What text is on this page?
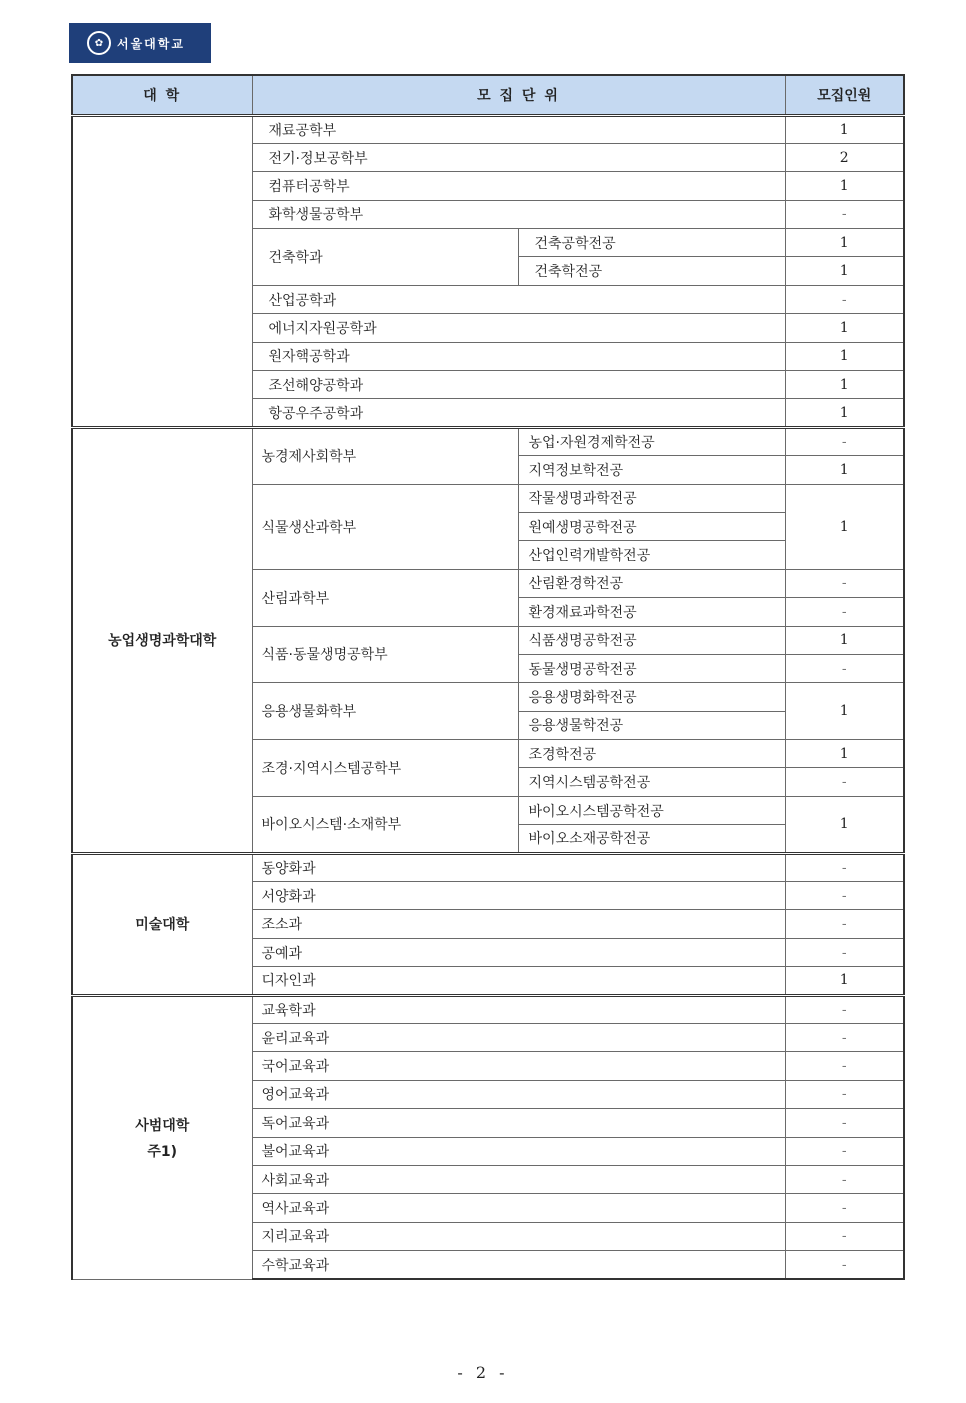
✿	서울대학교
대 학	모 집 단 위		모집인원
	재료공학부		1
	전기·정보공학부		2
	컴퓨터공학부		1
	화학생물공학부		-
	건축학과	건축공학전공	1
		건축학전공	1
	산업공학과		-
	에너지자원공학과		1
	원자핵공학과		1
	조선해양공학과		1
	항공우주공학과		1
농업생명과학대학	농경제사회학부	농업·자원경제학전공	-
		지역정보학전공	1
	식물생산과학부	작물생명과학전공	1
		원예생명공학전공	
		산업인력개발학전공	
	산림과학부	산림환경학전공	-
		환경재료과학전공	-
	식품·동물생명공학부	식품생명공학전공	1
		동물생명공학전공	-
	응용생물화학부	응용생명화학전공	1
		응용생물학전공	
	조경·지역시스템공학부	조경학전공	1
		지역시스템공학전공	-
	바이오시스템·소재학부	바이오시스템공학전공	1
		바이오소재공학전공	
미술대학	동양화과		-
	서양화과		-
	조소과		-
	공예과		-
	디자인과		1

사범대학
주1)	교육학과		-
	윤리교육과		-
	국어교육과		-
	영어교육과		-
	독어교육과		-
	불어교육과		-
	사회교육과		-
	역사교육과		-
	지리교육과		-
	수학교육과		-
- 2 -
